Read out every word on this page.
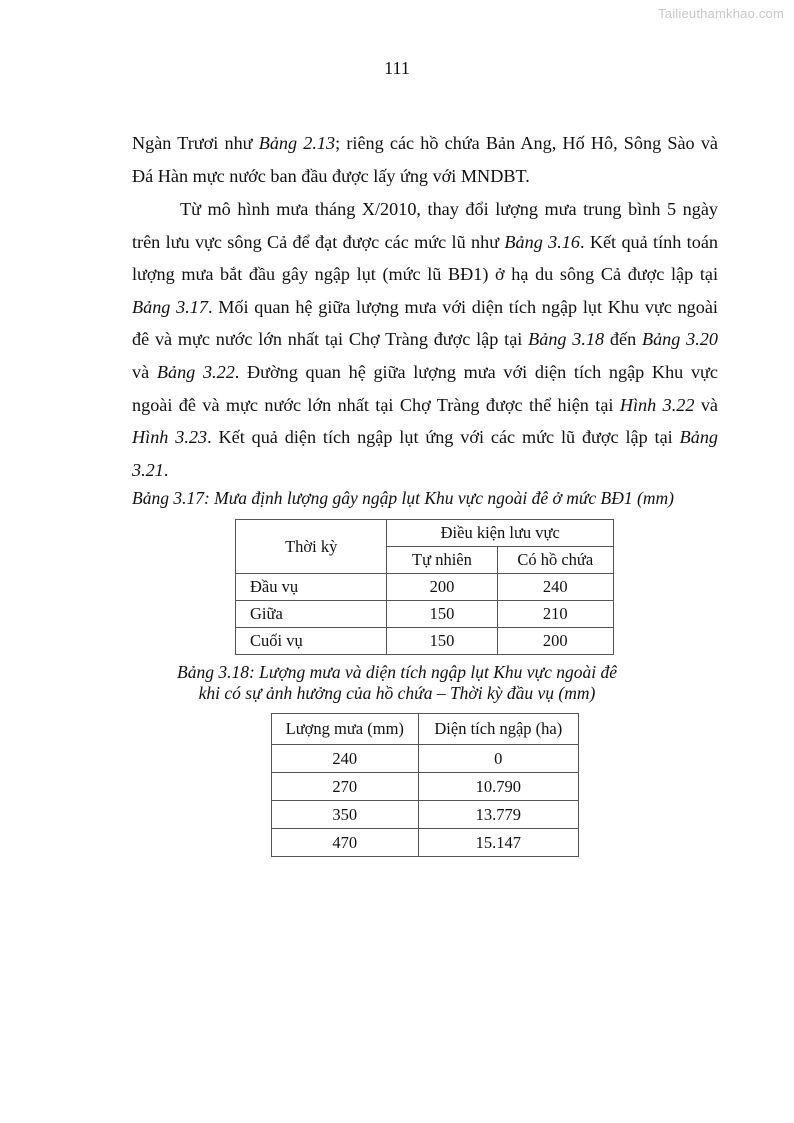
Tailieuthamkhao.com
111

Ngàn Trươi như Bảng 2.13; riêng các hồ chứa Bản Ang, Hố Hô, Sông Sào và Đá Hàn mực nước ban đầu được lấy ứng với MNDBT.

Từ mô hình mưa tháng X/2010, thay đổi lượng mưa trung bình 5 ngày trên lưu vực sông Cả để đạt được các mức lũ như Bảng 3.16. Kết quả tính toán lượng mưa bắt đầu gây ngập lụt (mức lũ BĐ1) ở hạ du sông Cả được lập tại Bảng 3.17. Mối quan hệ giữa lượng mưa với diện tích ngập lụt Khu vực ngoài đê và mực nước lớn nhất tại Chợ Tràng được lập tại Bảng 3.18 đến Bảng 3.20 và Bảng 3.22. Đường quan hệ giữa lượng mưa với diện tích ngập Khu vực ngoài đê và mực nước lớn nhất tại Chợ Tràng được thể hiện tại Hình 3.22 và Hình 3.23. Kết quả diện tích ngập lụt ứng với các mức lũ được lập tại Bảng 3.21.

Bảng 3.17: Mưa định lượng gây ngập lụt Khu vực ngoài đê ở mức BĐ1 (mm)
Thời kỳ	Điều kiện lưu vực	
	Tự nhiên	Có hồ chứa
Đầu vụ	200	240
Giữa	150	210
Cuối vụ	150	200
Bảng 3.18: Lượng mưa và diện tích ngập lụt Khu vực ngoài đê
khi có sự ảnh hưởng của hồ chứa – Thời kỳ đầu vụ (mm)
Lượng mưa (mm)	Diện tích ngập (ha)
240	0
270	10.790
350	13.779
470	15.147
